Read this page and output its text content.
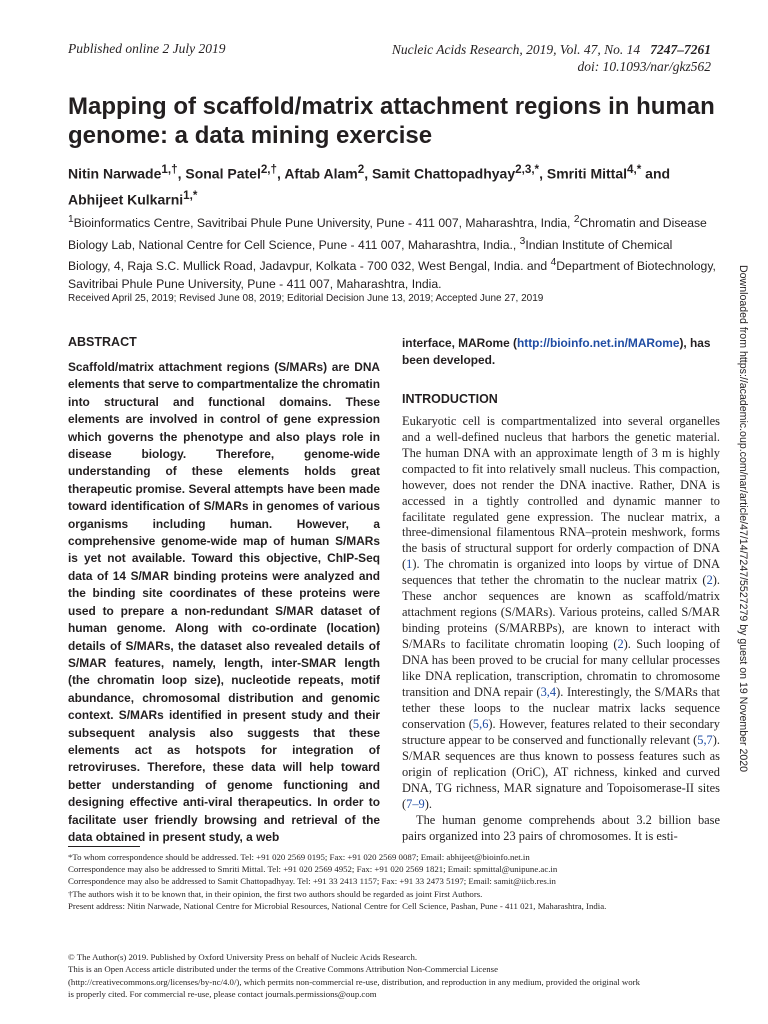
Published online 2 July 2019	Nucleic Acids Research, 2019, Vol. 47, No. 14 7247–7261
doi: 10.1093/nar/gkz562
Mapping of scaffold/matrix attachment regions in human genome: a data mining exercise

Nitin Narwade$^{1,\dagger}$, Sonal Patel$^{2,\dagger}$, Aftab Alam$^2$, Samit Chattopadhyay$^{2,3,*}$, Smriti Mittal$^{4,*}$ and Abhijeet Kulkarni$^{1,*}$

$^1$Bioinformatics Centre, Savitribai Phule Pune University, Pune - 411 007, Maharashtra, India, $^2$Chromatin and Disease Biology Lab, National Centre for Cell Science, Pune - 411 007, Maharashtra, India., $^3$Indian Institute of Chemical Biology, 4, Raja S.C. Mullick Road, Jadavpur, Kolkata - 700 032, West Bengal, India. and $^4$Department of Biotechnology, Savitribai Phule Pune University, Pune - 411 007, Maharashtra, India.

Received April 25, 2019; Revised June 08, 2019; Editorial Decision June 13, 2019; Accepted June 27, 2019

ABSTRACT

Scaffold/matrix attachment regions (S/MARs) are DNA elements that serve to compartmentalize the chromatin into structural and functional domains. These elements are involved in control of gene expression which governs the phenotype and also plays role in disease biology. Therefore, genome-wide understanding of these elements holds great therapeutic promise. Several attempts have been made toward identification of S/MARs in genomes of various organisms including human. However, a comprehensive genome-wide map of human S/MARs is yet not available. Toward this objective, ChIP-Seq data of 14 S/MAR binding proteins were analyzed and the binding site coordinates of these proteins were used to prepare a non-redundant S/MAR dataset of human genome. Along with co-ordinate (location) details of S/MARs, the dataset also revealed details of S/MAR features, namely, length, inter-SMAR length (the chromatin loop size), nucleotide repeats, motif abundance, chromosomal distribution and genomic context. S/MARs identified in present study and their subsequent analysis also suggests that these elements act as hotspots for integration of retroviruses. Therefore, these data will help toward better understanding of genome functioning and designing effective anti-viral therapeutics. In order to facilitate user friendly browsing and retrieval of the data obtained in present study, a web

interface, MARome (http://bioinfo.net.in/MARome), has been developed.

INTRODUCTION

Eukaryotic cell is compartmentalized into several organelles and a well-defined nucleus that harbors the genetic material. The human DNA with an approximate length of 3 m is highly compacted to fit into relatively small nucleus. This compaction, however, does not render the DNA inactive. Rather, DNA is accessed in a tightly controlled and dynamic manner to facilitate regulated gene expression. The nuclear matrix, a three-dimensional filamentous RNA–protein meshwork, forms the basis of structural support for orderly compaction of DNA (1). The chromatin is organized into loops by virtue of DNA sequences that tether the chromatin to the nuclear matrix (2). These anchor sequences are known as scaffold/matrix attachment regions (S/MARs). Various proteins, called S/MAR binding proteins (S/MARBPs), are known to interact with S/MARs to facilitate chromatin looping (2). Such looping of DNA has been proved to be crucial for many cellular processes like DNA replication, transcription, chromatin to chromosome transition and DNA repair (3,4). Interestingly, the S/MARs that tether these loops to the nuclear matrix lacks sequence conservation (5,6). However, features related to their secondary structure appear to be conserved and functionally relevant (5,7). S/MAR sequences are thus known to possess features such as origin of replication (OriC), AT richness, kinked and curved DNA, TG richness, MAR signature and Topoisomerase-II sites (7–9).

The human genome comprehends about 3.2 billion base pairs organized into 23 pairs of chromosomes. It is esti-

Downloaded from https://academic.oup.com/nar/article/47/14/7247/5527279 by guest on 19 November 2020
*To whom correspondence should be addressed. Tel: +91 020 2569 0195; Fax: +91 020 2569 0087; Email: abhijeet@bioinfo.net.in
Correspondence may also be addressed to Smriti Mittal. Tel: +91 020 2569 4952; Fax: +91 020 2569 1821; Email: spmittal@unipune.ac.in
Correspondence may also be addressed to Samit Chattopadhyay. Tel: +91 33 2413 1157; Fax: +91 33 2473 5197; Email: samit@iicb.res.in
†The authors wish it to be known that, in their opinion, the first two authors should be regarded as joint First Authors.
Present address: Nitin Narwade, National Centre for Microbial Resources, National Centre for Cell Science, Pashan, Pune - 411 021, Maharashtra, India.
© The Author(s) 2019. Published by Oxford University Press on behalf of Nucleic Acids Research.
This is an Open Access article distributed under the terms of the Creative Commons Attribution Non-Commercial License
(http://creativecommons.org/licenses/by-nc/4.0/), which permits non-commercial re-use, distribution, and reproduction in any medium, provided the original work
is properly cited. For commercial re-use, please contact journals.permissions@oup.com
